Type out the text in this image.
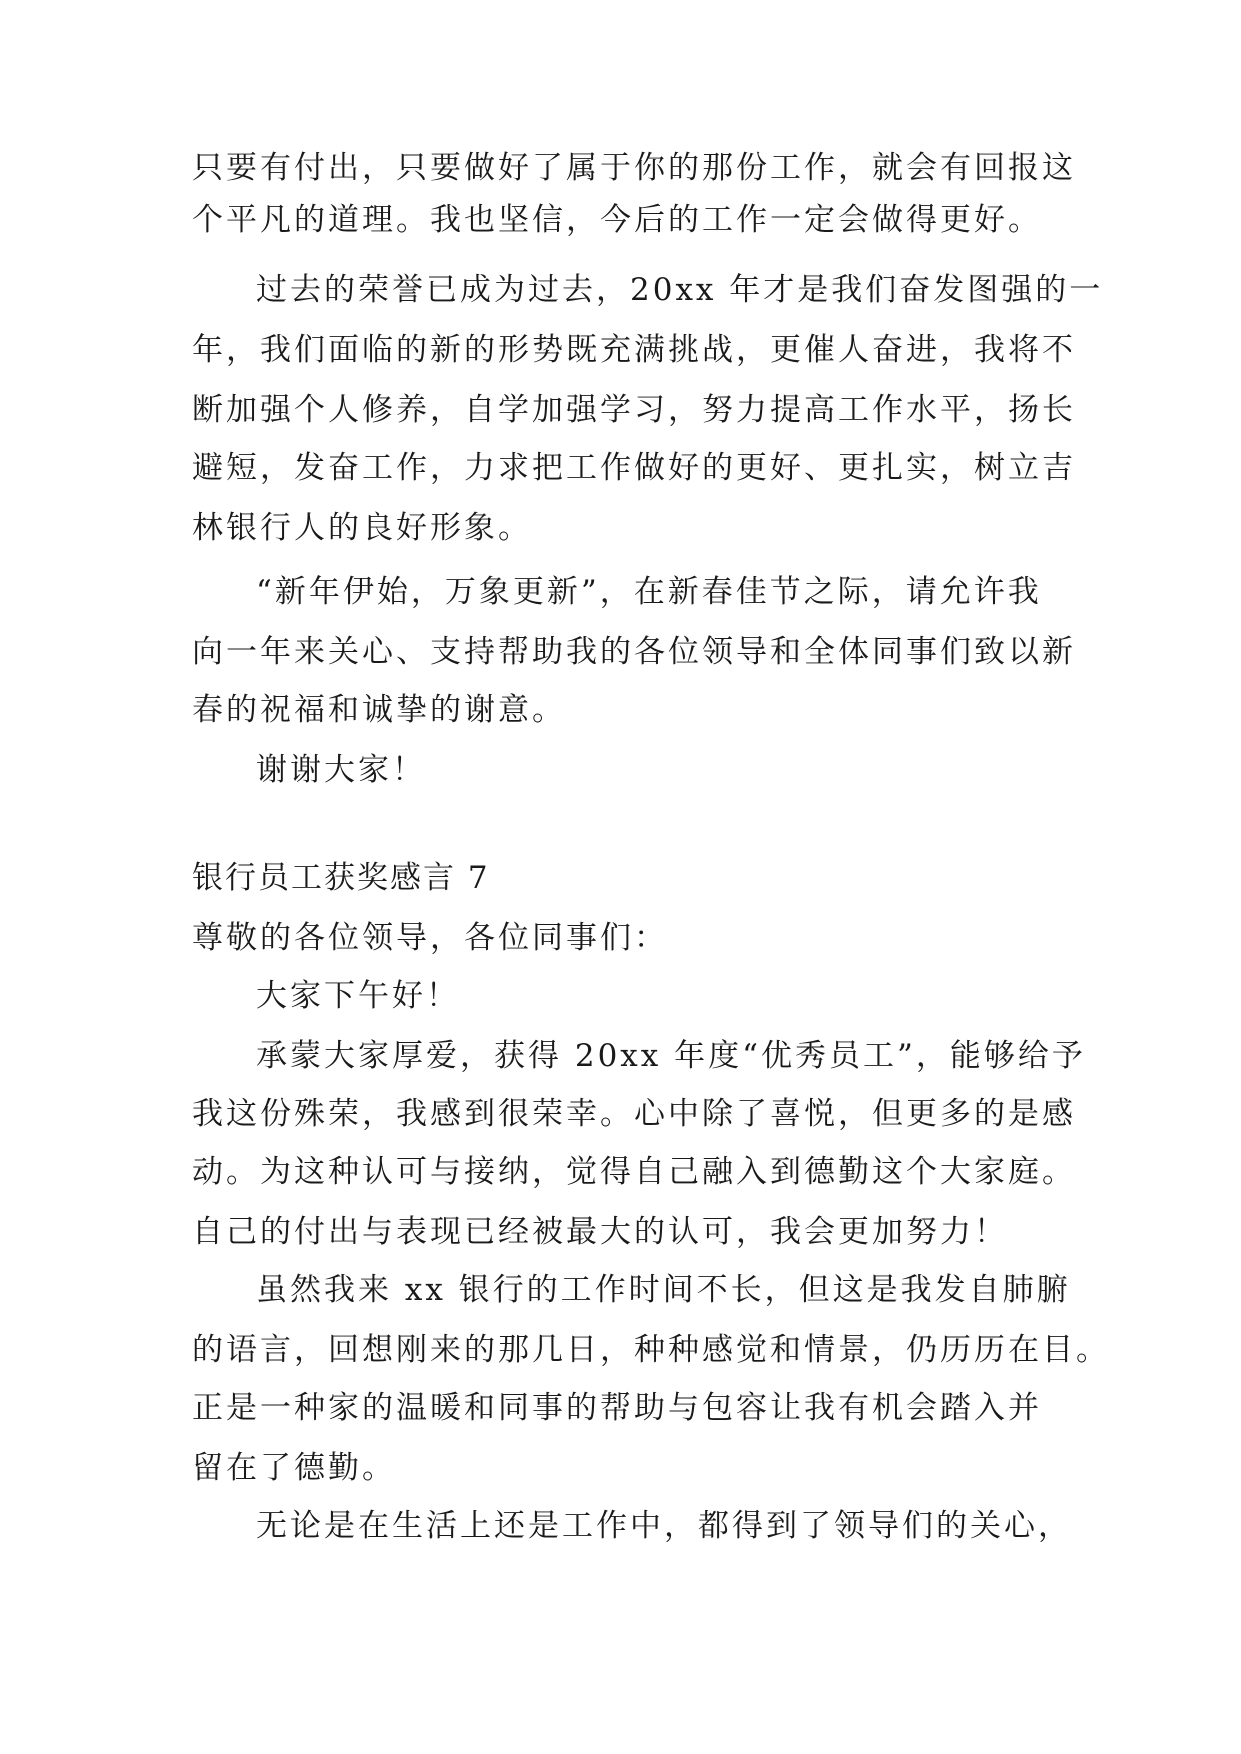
只要有付出，只要做好了属于你的那份工作，就会有回报这
个平凡的道理。我也坚信，今后的工作一定会做得更好。
过去的荣誉已成为过去，20xx 年才是我们奋发图强的一
年，我们面临的新的形势既充满挑战，更催人奋进，我将不
断加强个人修养，自学加强学习，努力提高工作水平，扬长
避短，发奋工作，力求把工作做好的更好、更扎实，树立吉
林银行人的良好形象。
“新年伊始，万象更新”，在新春佳节之际，请允许我
向一年来关心、支持帮助我的各位领导和全体同事们致以新
春的祝福和诚挚的谢意。
谢谢大家！
银行员工获奖感言 7
尊敬的各位领导，各位同事们：
大家下午好！
承蒙大家厚爱，获得 20xx 年度“优秀员工”，能够给予
我这份殊荣，我感到很荣幸。心中除了喜悦，但更多的是感
动。为这种认可与接纳，觉得自己融入到德勤这个大家庭。
自己的付出与表现已经被最大的认可，我会更加努力！
虽然我来 xx 银行的工作时间不长，但这是我发自肺腑
的语言，回想刚来的那几日，种种感觉和情景，仍历历在目。
正是一种家的温暖和同事的帮助与包容让我有机会踏入并
留在了德勤。
无论是在生活上还是工作中，都得到了领导们的关心，
